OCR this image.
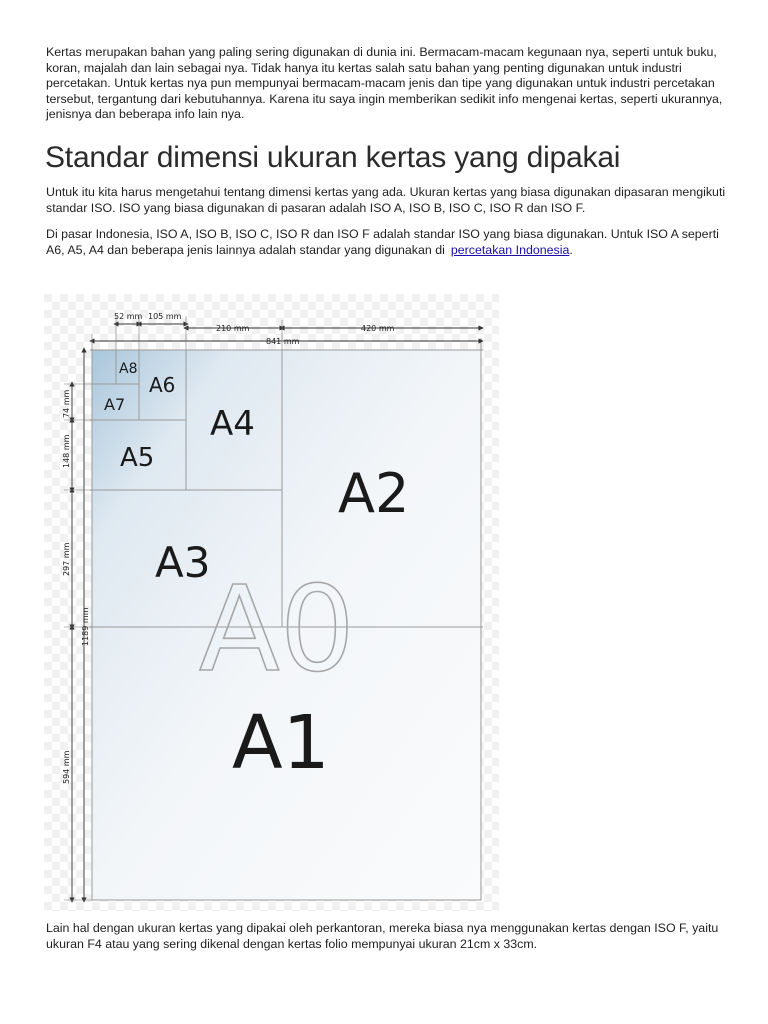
Kertas merupakan bahan yang paling sering digunakan di dunia ini. Bermacam-macam kegunaan nya, seperti untuk buku, koran, majalah dan lain sebagai nya. Tidak hanya itu kertas salah satu bahan yang penting digunakan untuk industri percetakan. Untuk kertas nya pun mempunyai bermacam-macam jenis dan tipe yang digunakan untuk industri percetakan tersebut, tergantung dari kebutuhannya. Karena itu saya ingin memberikan sedikit info mengenai kertas, seperti ukurannya, jenisnya dan beberapa info lain nya.

Standar dimensi ukuran kertas yang dipakai

Untuk itu kita harus mengetahui tentang dimensi kertas yang ada. Ukuran kertas yang biasa digunakan dipasaran mengikuti standar ISO. ISO yang biasa digunakan di pasaran adalah ISO A, ISO B, ISO C, ISO R dan ISO F.

Di pasar Indonesia, ISO A, ISO B, ISO C, ISO R dan ISO F adalah standar ISO yang biasa digunakan. Untuk ISO A seperti A6, A5, A4 dan beberapa jenis lainnya adalah standar yang digunakan di percetakan Indonesia.

A0
A1
A2
A3
A4
A5
A6
A7
A8
52 mm 105 mm
210 mm	420 mm
841 mm
74 mm
148 mm
297 mm
1189 mm
594 mm

Lain hal dengan ukuran kertas yang dipakai oleh perkantoran, mereka biasa nya menggunakan kertas dengan ISO F, yaitu ukuran F4 atau yang sering dikenal dengan kertas folio mempunyai ukuran 21cm x 33cm.
